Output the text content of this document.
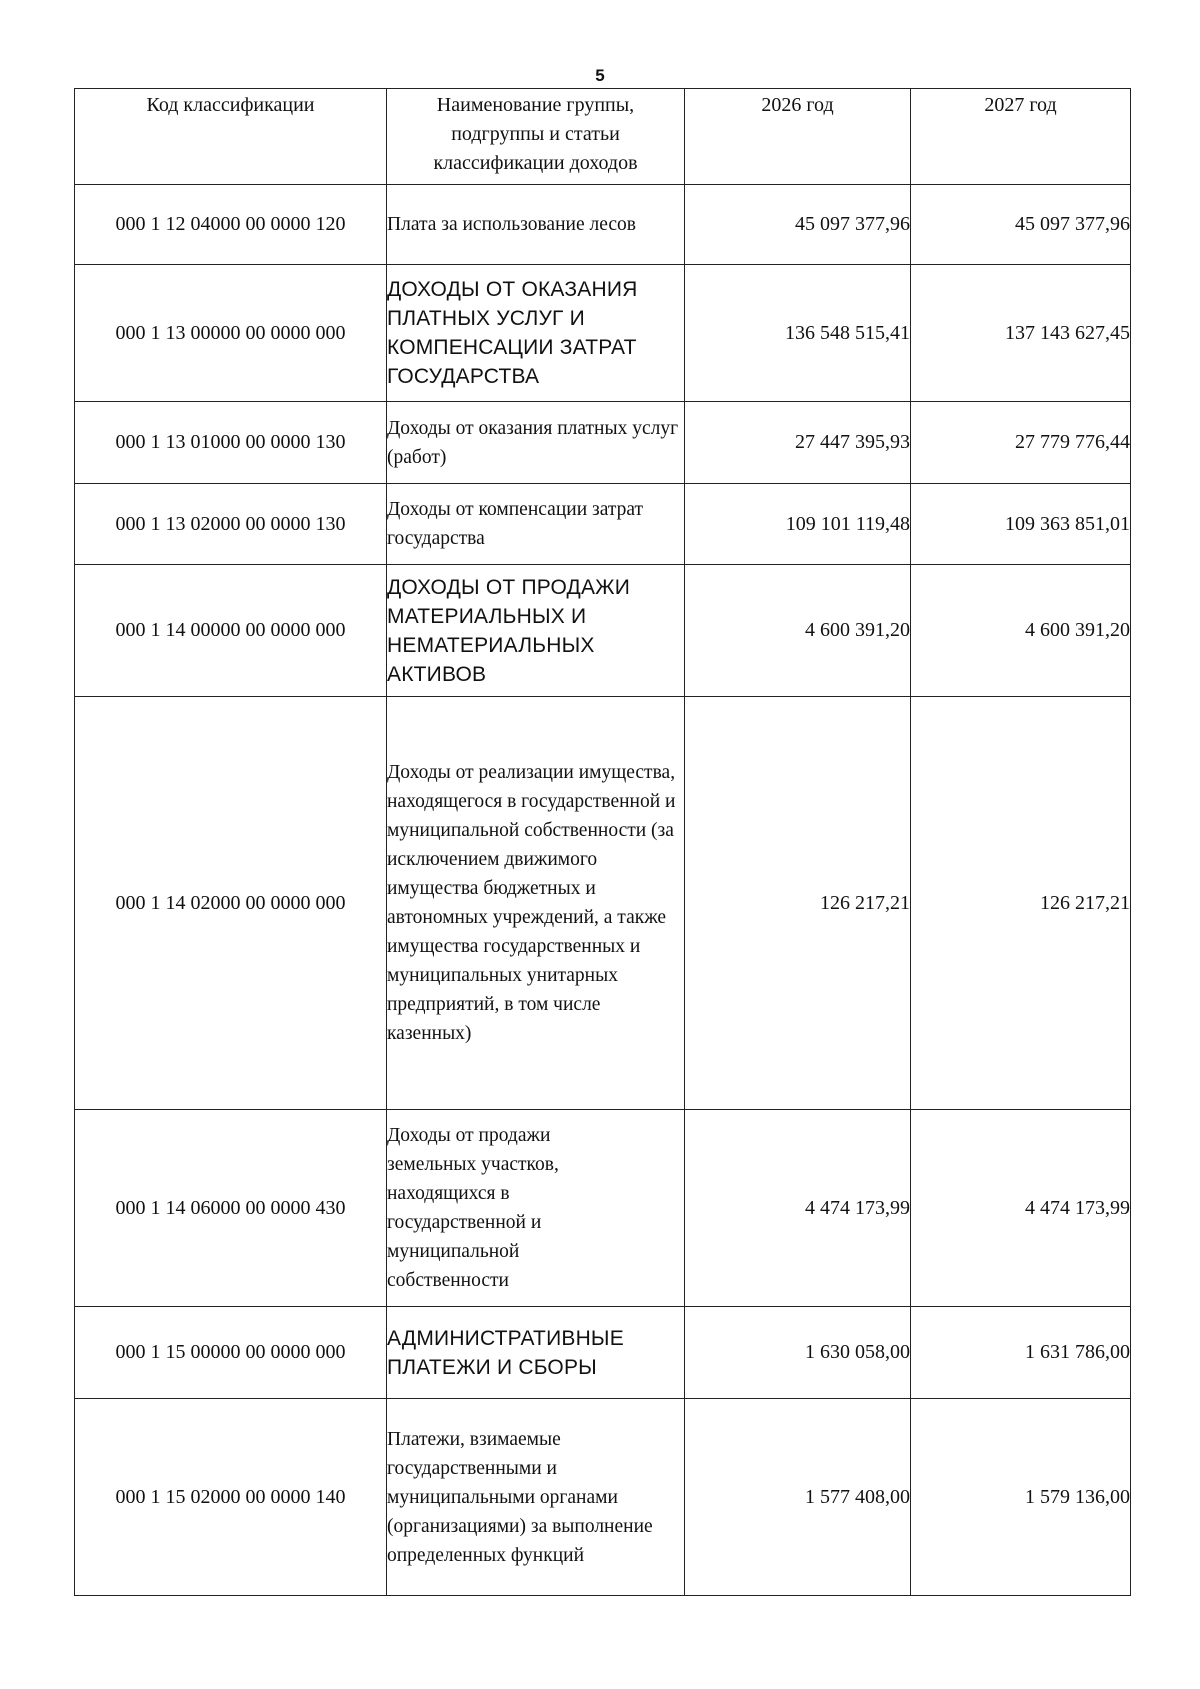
5
Код классификации	Наименование группы, подгруппы и статьи классификации доходов	2026 год	2027 год
000 1 12 04000 00 0000 120	Плата за использование лесов	45 097 377,96	45 097 377,96
000 1 13 00000 00 0000 000	ДОХОДЫ ОТ ОКАЗАНИЯ ПЛАТНЫХ УСЛУГ И КОМПЕНСАЦИИ ЗАТРАТ ГОСУДАРСТВА	136 548 515,41	137 143 627,45
000 1 13 01000 00 0000 130	Доходы от оказания платных услуг (работ)	27 447 395,93	27 779 776,44
000 1 13 02000 00 0000 130	Доходы от компенсации затрат государства	109 101 119,48	109 363 851,01
000 1 14 00000 00 0000 000	ДОХОДЫ ОТ ПРОДАЖИ МАТЕРИАЛЬНЫХ И НЕМАТЕРИАЛЬНЫХ АКТИВОВ	4 600 391,20	4 600 391,20
000 1 14 02000 00 0000 000	Доходы от реализации имущества, находящегося в государственной и муниципальной собственности (за исключением движимого имущества бюджетных и автономных учреждений, а также имущества государственных и муниципальных унитарных предприятий, в том числе казенных)	126 217,21	126 217,21
000 1 14 06000 00 0000 430	Доходы от продажи земельных участков, находящихся в государственной и муниципальной собственности	4 474 173,99	4 474 173,99
000 1 15 00000 00 0000 000	АДМИНИСТРАТИВНЫЕ ПЛАТЕЖИ И СБОРЫ	1 630 058,00	1 631 786,00
000 1 15 02000 00 0000 140	Платежи, взимаемые государственными и муниципальными органами (организациями) за выполнение определенных функций	1 577 408,00	1 579 136,00
